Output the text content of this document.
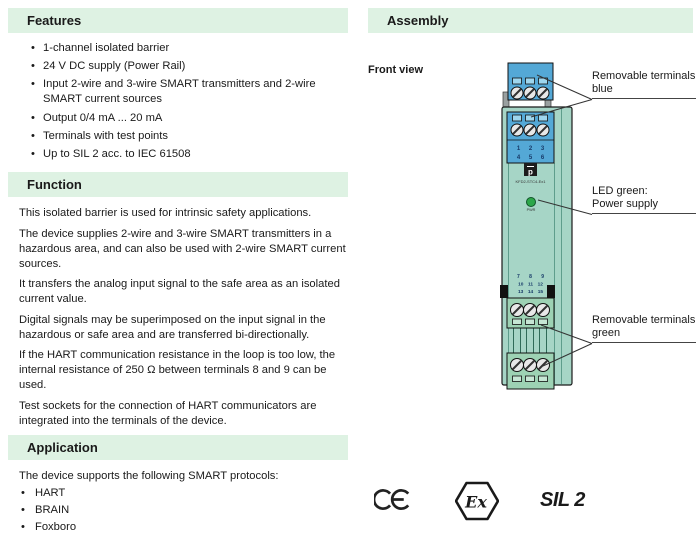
Features
• 1-channel isolated barrier
• 24 V DC supply (Power Rail)
• Input 2-wire and 3-wire SMART transmitters and 2-wire SMART current sources
• Output 0/4 mA ... 20 mA
• Terminals with test points
• Up to SIL 2 acc. to IEC 61508
Function

This isolated barrier is used for intrinsic safety applications.

The device supplies 2-wire and 3-wire SMART transmitters in a hazardous area, and can also be used with 2-wire SMART current sources.

It transfers the analog input signal to the safe area as an isolated current value.

Digital signals may be superimposed on the input signal in the hazardous or safe area and are transferred bi-directionally.

If the HART communication resistance in the loop is too low, the internal resistance of 250 Ω between terminals 8 and 9 can be used.

Test sockets for the connection of HART communicators are integrated into the terminals of the device.

Application
The device supports the following SMART protocols:
• HART
• BRAIN
• Foxboro
Assembly
Front view
1 2 3
4 5 6
p
KFD2-STC4-Ex1
PWR
7 8 9
10 11 12
13 14 15
Removable terminals
blue
LED green:
Power supply
Removable terminals
green
Ex	SIL 2
